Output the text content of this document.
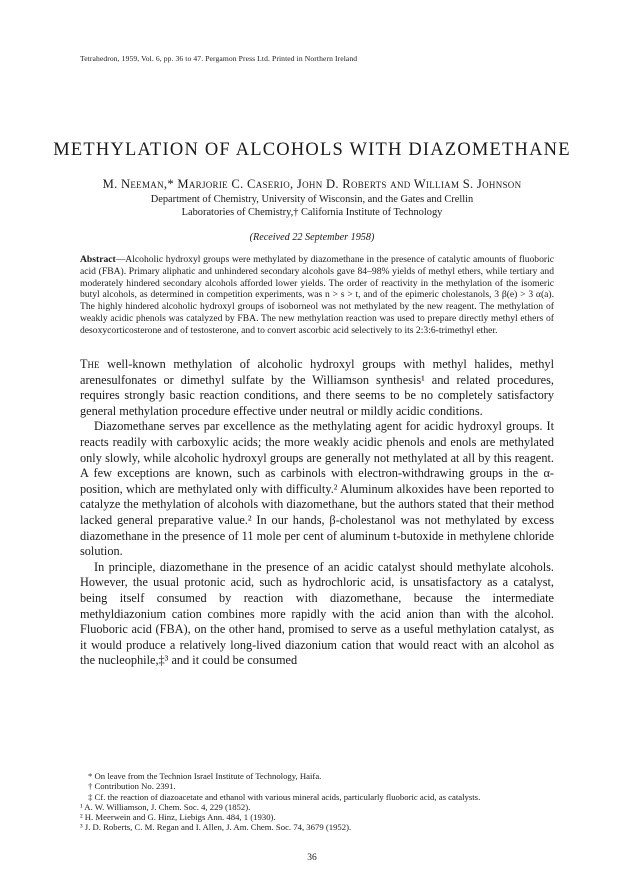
Tetrahedron, 1959, Vol. 6, pp. 36 to 47. Pergamon Press Ltd. Printed in Northern Ireland
METHYLATION OF ALCOHOLS WITH DIAZOMETHANE
M. Neeman,* Marjorie C. Caserio, John D. Roberts and William S. Johnson
Department of Chemistry, University of Wisconsin, and the Gates and Crellin
Laboratories of Chemistry,† California Institute of Technology
(Received 22 September 1958)
Abstract—Alcoholic hydroxyl groups were methylated by diazomethane in the presence of catalytic amounts of fluoboric acid (FBA). Primary aliphatic and unhindered secondary alcohols gave 84–98% yields of methyl ethers, while tertiary and moderately hindered secondary alcohols afforded lower yields. The order of reactivity in the methylation of the isomeric butyl alcohols, as determined in competition experiments, was n > s > t, and of the epimeric cholestanols, 3 β(e) > 3 α(a). The highly hindered alcoholic hydroxyl groups of isoborneol was not methylated by the new reagent. The methylation of weakly acidic phenols was catalyzed by FBA. The new methylation reaction was used to prepare directly methyl ethers of desoxycorticosterone and of testosterone, and to convert ascorbic acid selectively to its 2:3:6-trimethyl ether.

The well-known methylation of alcoholic hydroxyl groups with methyl halides, methyl arenesulfonates or dimethyl sulfate by the Williamson synthesis¹ and related procedures, requires strongly basic reaction conditions, and there seems to be no completely satisfactory general methylation procedure effective under neutral or mildly acidic conditions.

Diazomethane serves par excellence as the methylating agent for acidic hydroxyl groups. It reacts readily with carboxylic acids; the more weakly acidic phenols and enols are methylated only slowly, while alcoholic hydroxyl groups are generally not methylated at all by this reagent. A few exceptions are known, such as carbinols with electron-withdrawing groups in the α-position, which are methylated only with difficulty.² Aluminum alkoxides have been reported to catalyze the methylation of alcohols with diazomethane, but the authors stated that their method lacked general preparative value.² In our hands, β-cholestanol was not methylated by excess diazomethane in the presence of 11 mole per cent of aluminum t-butoxide in methylene chloride solution.

In principle, diazomethane in the presence of an acidic catalyst should methylate alcohols. However, the usual protonic acid, such as hydrochloric acid, is unsatisfactory as a catalyst, being itself consumed by reaction with diazomethane, because the intermediate methyldiazonium cation combines more rapidly with the acid anion than with the alcohol. Fluoboric acid (FBA), on the other hand, promised to serve as a useful methylation catalyst, as it would produce a relatively long-lived diazonium cation that would react with an alcohol as the nucleophile,‡³ and it could be consumed

* On leave from the Technion Israel Institute of Technology, Haifa.
† Contribution No. 2391.
‡ Cf. the reaction of diazoacetate and ethanol with various mineral acids, particularly fluoboric acid, as catalysts.
¹ A. W. Williamson, J. Chem. Soc. 4, 229 (1852).
² H. Meerwein and G. Hinz, Liebigs Ann. 484, 1 (1930).
³ J. D. Roberts, C. M. Regan and I. Allen, J. Am. Chem. Soc. 74, 3679 (1952).
36
